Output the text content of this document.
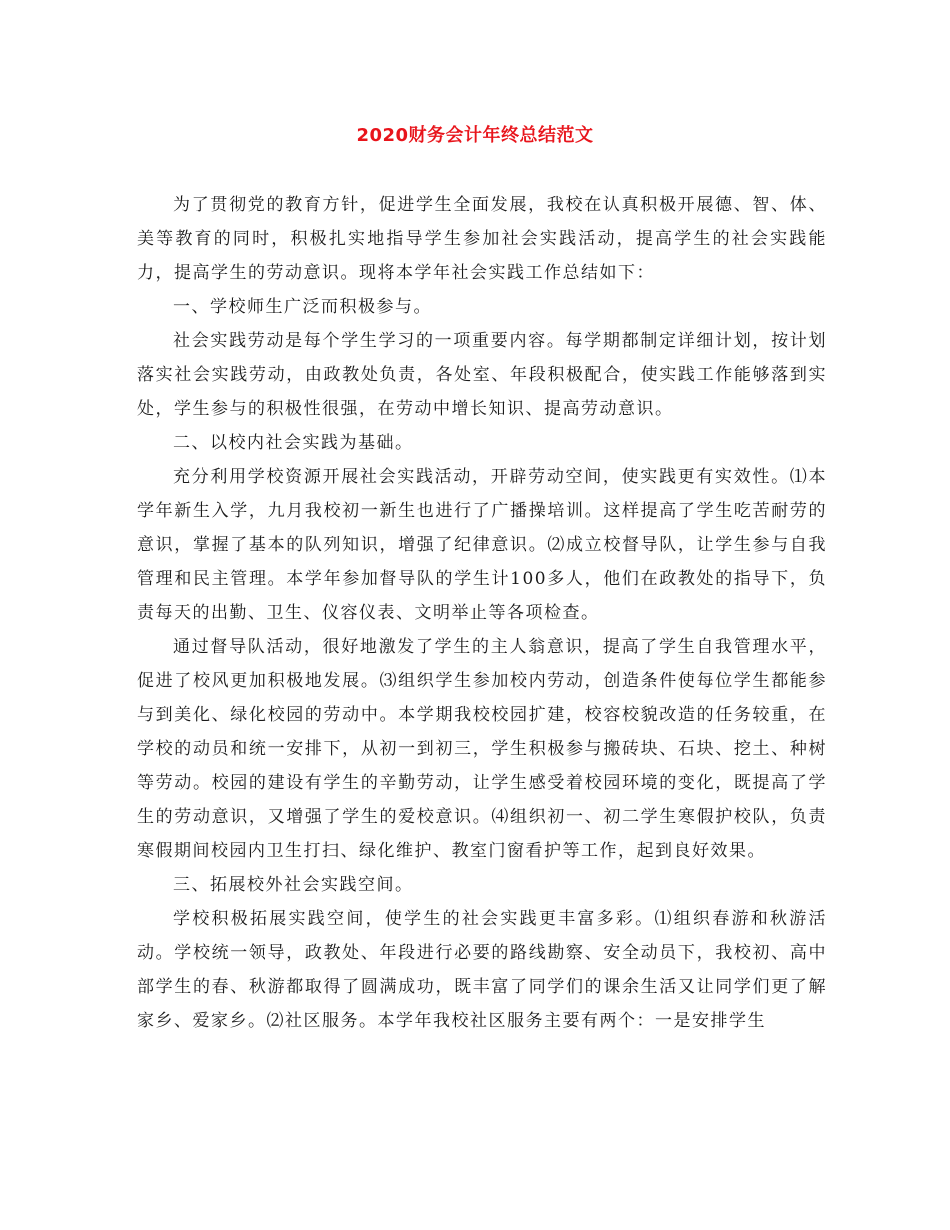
2020财务会计年终总结范文

为了贯彻党的教育方针，促进学生全面发展，我校在认真积极开展德、智、体、美等教育的同时，积极扎实地指导学生参加社会实践活动，提高学生的社会实践能力，提高学生的劳动意识。现将本学年社会实践工作总结如下：

一、学校师生广泛而积极参与。

社会实践劳动是每个学生学习的一项重要内容。每学期都制定详细计划，按计划落实社会实践劳动，由政教处负责，各处室、年段积极配合，使实践工作能够落到实处，学生参与的积极性很强，在劳动中增长知识、提高劳动意识。

二、以校内社会实践为基础。

充分利用学校资源开展社会实践活动，开辟劳动空间，使实践更有实效性。⑴本学年新生入学，九月我校初一新生也进行了广播操培训。这样提高了学生吃苦耐劳的意识，掌握了基本的队列知识，增强了纪律意识。⑵成立校督导队，让学生参与自我管理和民主管理。本学年参加督导队的学生计100多人，他们在政教处的指导下，负责每天的出勤、卫生、仪容仪表、文明举止等各项检查。

通过督导队活动，很好地激发了学生的主人翁意识，提高了学生自我管理水平，促进了校风更加积极地发展。⑶组织学生参加校内劳动，创造条件使每位学生都能参与到美化、绿化校园的劳动中。本学期我校校园扩建，校容校貌改造的任务较重，在学校的动员和统一安排下，从初一到初三，学生积极参与搬砖块、石块、挖土、种树等劳动。校园的建设有学生的辛勤劳动，让学生感受着校园环境的变化，既提高了学生的劳动意识，又增强了学生的爱校意识。⑷组织初一、初二学生寒假护校队，负责寒假期间校园内卫生打扫、绿化维护、教室门窗看护等工作，起到良好效果。

三、拓展校外社会实践空间。

学校积极拓展实践空间，使学生的社会实践更丰富多彩。⑴组织春游和秋游活动。学校统一领导，政教处、年段进行必要的路线勘察、安全动员下，我校初、高中部学生的春、秋游都取得了圆满成功，既丰富了同学们的课余生活又让同学们更了解家乡、爱家乡。⑵社区服务。本学年我校社区服务主要有两个：一是安排学生
